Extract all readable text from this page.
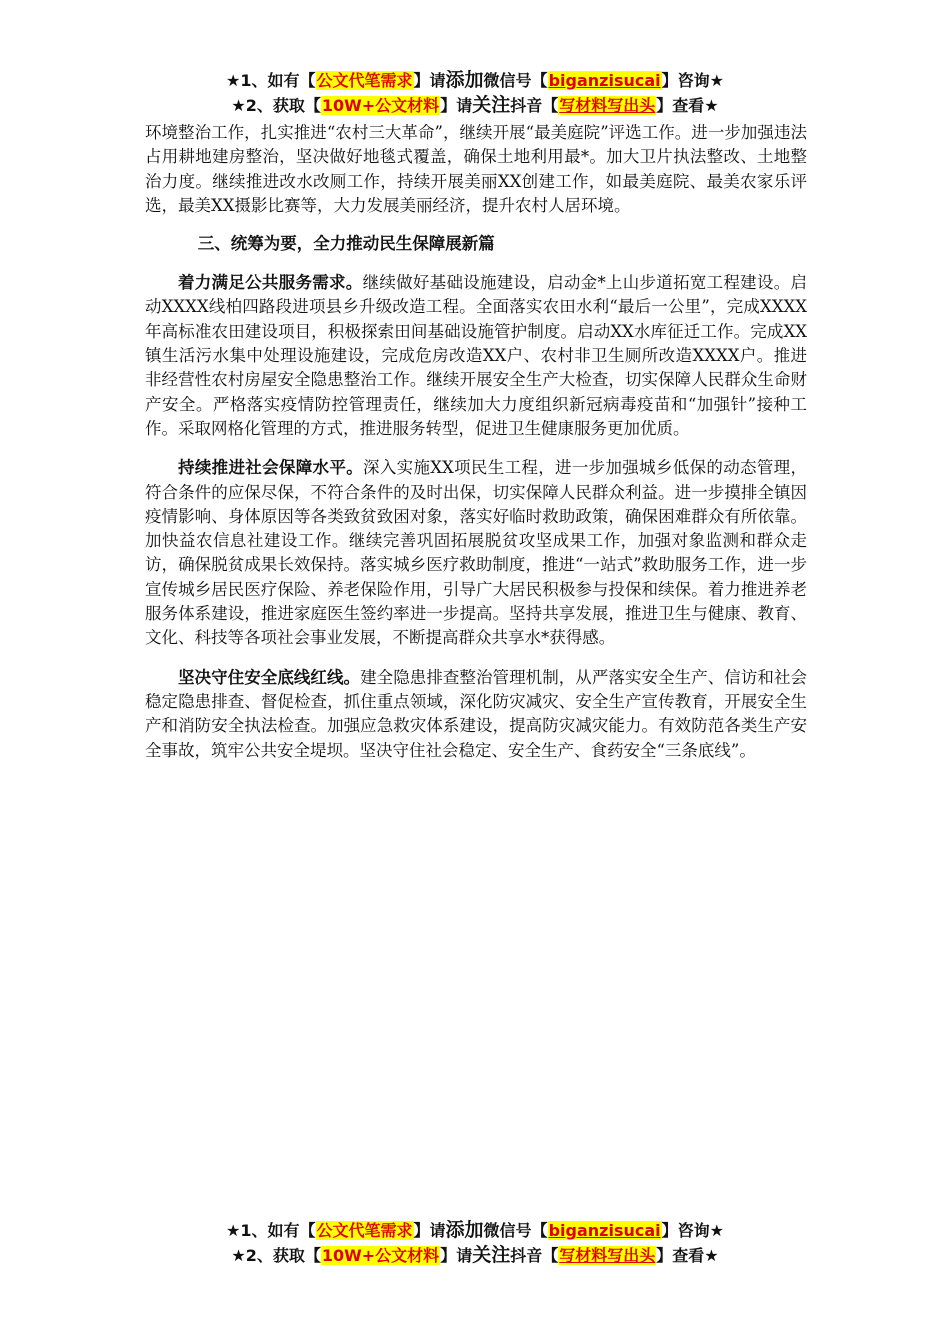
★1、如有【公文代笔需求】请添加微信号【biganzisucai】咨询★
★2、获取【10W+公文材料】请关注抖音【写材料写出头】查看★

环境整治工作，扎实推进“农村三大革命”，继续开展“最美庭院”评选工作。进一步加强违法占用耕地建房整治，坚决做好地毯式覆盖，确保土地利用最*。加大卫片执法整改、土地整治力度。继续推进改水改厕工作，持续开展美丽XX创建工作，如最美庭院、最美农家乐评选，最美XX摄影比赛等，大力发展美丽经济，提升农村人居环境。

三、统筹为要，全力推动民生保障展新篇

着力满足公共服务需求。继续做好基础设施建设，启动金*上山步道拓宽工程建设。启动XXXX线柏四路段进项县乡升级改造工程。全面落实农田水利“最后一公里”，完成XXXX年高标准农田建设项目，积极探索田间基础设施管护制度。启动XX水库征迁工作。完成XX镇生活污水集中处理设施建设，完成危房改造XX户、农村非卫生厕所改造XXXX户。推进非经营性农村房屋安全隐患整治工作。继续开展安全生产大检查，切实保障人民群众生命财产安全。严格落实疫情防控管理责任，继续加大力度组织新冠病毒疫苗和“加强针”接种工作。采取网格化管理的方式，推进服务转型，促进卫生健康服务更加优质。

持续推进社会保障水平。深入实施XX项民生工程，进一步加强城乡低保的动态管理，符合条件的应保尽保，不符合条件的及时出保，切实保障人民群众利益。进一步摸排全镇因疫情影响、身体原因等各类致贫致困对象，落实好临时救助政策，确保困难群众有所依靠。加快益农信息社建设工作。继续完善巩固拓展脱贫攻坚成果工作，加强对象监测和群众走访，确保脱贫成果长效保持。落实城乡医疗救助制度，推进“一站式”救助服务工作，进一步宣传城乡居民医疗保险、养老保险作用，引导广大居民积极参与投保和续保。着力推进养老服务体系建设，推进家庭医生签约率进一步提高。坚持共享发展，推进卫生与健康、教育、文化、科技等各项社会事业发展，不断提高群众共享水*获得感。

坚决守住安全底线红线。建全隐患排查整治管理机制，从严落实安全生产、信访和社会稳定隐患排查、督促检查，抓住重点领域，深化防灾减灾、安全生产宣传教育，开展安全生产和消防安全执法检查。加强应急救灾体系建设，提高防灾减灾能力。有效防范各类生产安全事故，筑牢公共安全堤坝。坚决守住社会稳定、安全生产、食药安全“三条底线”。

★1、如有【公文代笔需求】请添加微信号【biganzisucai】咨询★
★2、获取【10W+公文材料】请关注抖音【写材料写出头】查看★
